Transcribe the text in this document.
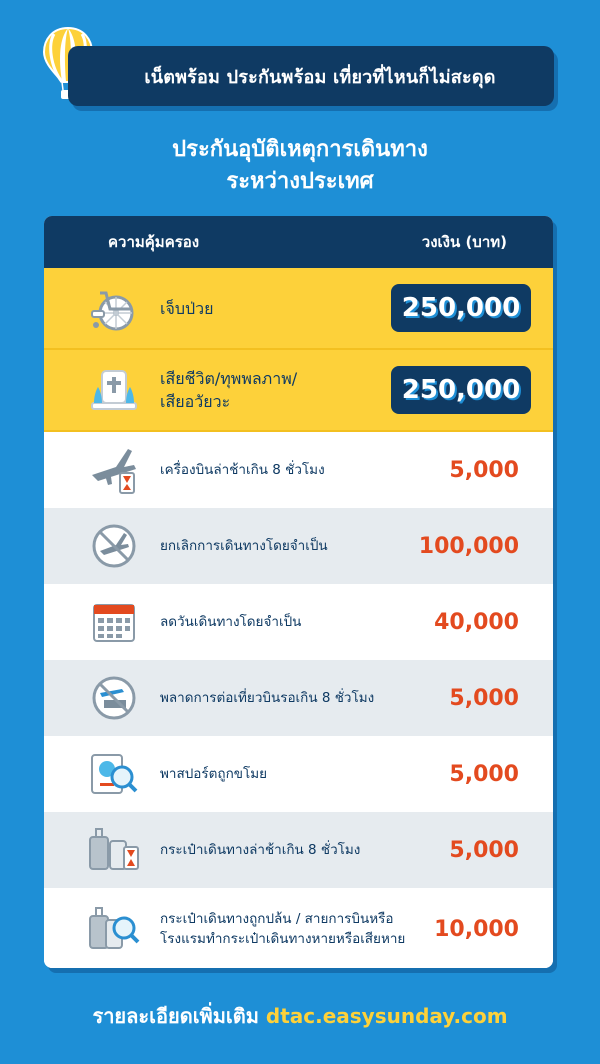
เน็ตพร้อม ประกันพร้อม เที่ยวที่ไหนก็ไม่สะดุด
ประกันอุบัติเหตุการเดินทาง
ระหว่างประเทศ
ความคุ้มครอง	วงเงิน (บาท)
เจ็บป่วย	250,000
เสียชีวิต/ทุพพลภาพ/
เสียอวัยวะ	250,000
เครื่องบินล่าช้าเกิน 8 ชั่วโมง	5,000
ยกเลิกการเดินทางโดยจำเป็น	100,000
ลดวันเดินทางโดยจำเป็น	40,000
พลาดการต่อเที่ยวบินรอเกิน 8 ชั่วโมง	5,000
พาสปอร์ตถูกขโมย	5,000
กระเป๋าเดินทางล่าช้าเกิน 8 ชั่วโมง	5,000
กระเป๋าเดินทางถูกปล้น / สายการบินหรือ
โรงแรมทำกระเป๋าเดินทางหายหรือเสียหาย 10,000
รายละเอียดเพิ่มเติม dtac.easysunday.com
